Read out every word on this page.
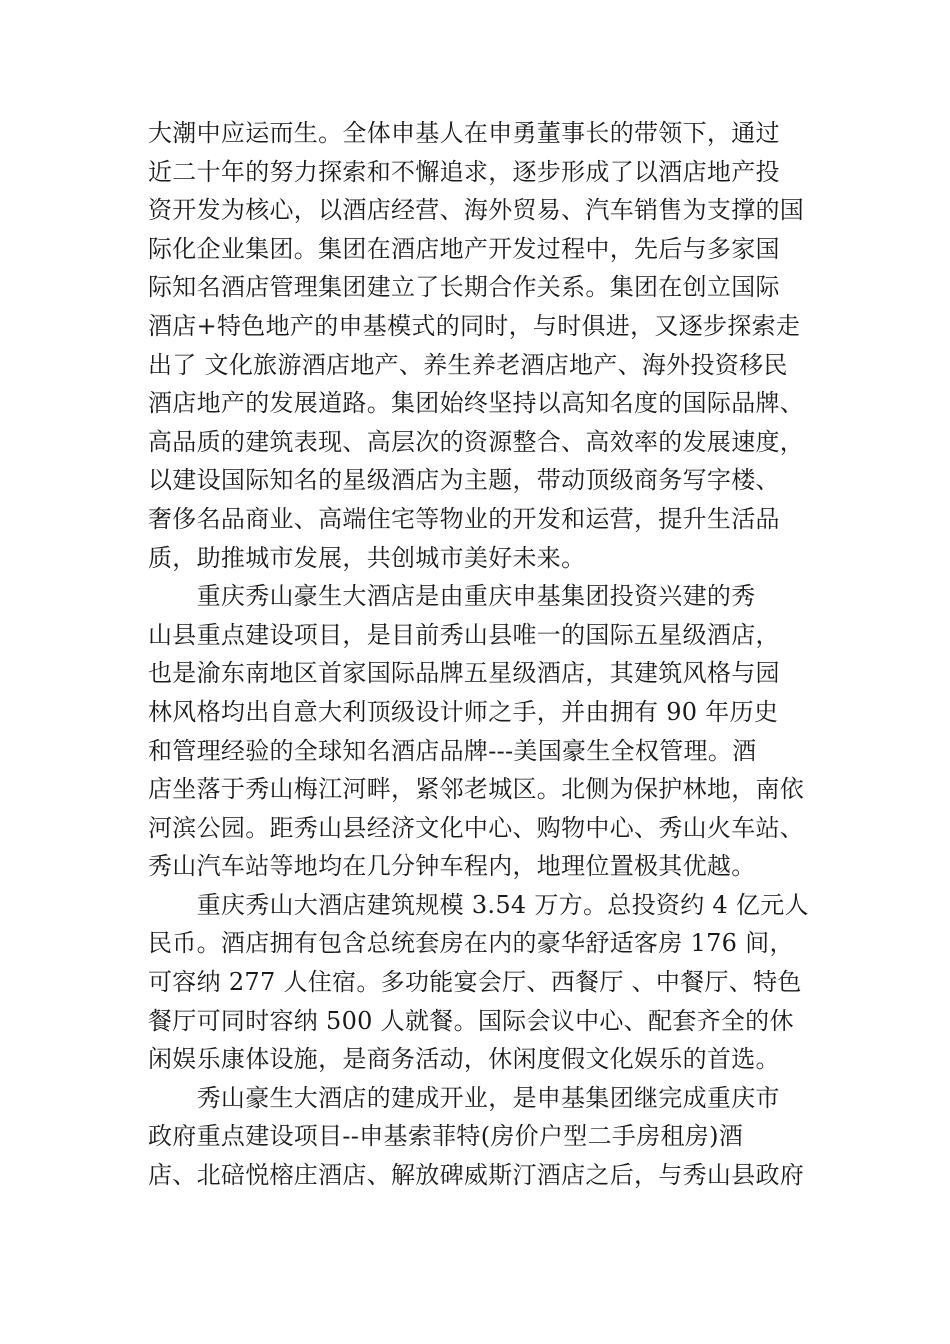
大潮中应运而生。全体申基人在申勇董事长的带领下，通过
近二十年的努力探索和不懈追求，逐步形成了以酒店地产投
资开发为核心，以酒店经营、海外贸易、汽车销售为支撑的国
际化企业集团。集团在酒店地产开发过程中，先后与多家国
际知名酒店管理集团建立了长期合作关系。集团在创立国际
酒店+特色地产的申基模式的同时，与时俱进，又逐步探索走
出了 文化旅游酒店地产、养生养老酒店地产、海外投资移民
酒店地产的发展道路。集团始终坚持以高知名度的国际品牌、
高品质的建筑表现、高层次的资源整合、高效率的发展速度，
以建设国际知名的星级酒店为主题，带动顶级商务写字楼、
奢侈名品商业、高端住宅等物业的开发和运营，提升生活品
质，助推城市发展，共创城市美好未来。
　　重庆秀山豪生大酒店是由重庆申基集团投资兴建的秀
山县重点建设项目，是目前秀山县唯一的国际五星级酒店，
也是渝东南地区首家国际品牌五星级酒店，其建筑风格与园
林风格均出自意大利顶级设计师之手，并由拥有 90 年历史
和管理经验的全球知名酒店品牌---美国豪生全权管理。酒
店坐落于秀山梅江河畔，紧邻老城区。北侧为保护林地，南依
河滨公园。距秀山县经济文化中心、购物中心、秀山火车站、
秀山汽车站等地均在几分钟车程内，地理位置极其优越。
　　重庆秀山大酒店建筑规模 3.54 万方。总投资约 4 亿元人
民币。酒店拥有包含总统套房在内的豪华舒适客房 176 间，
可容纳 277 人住宿。多功能宴会厅、西餐厅 、中餐厅、特色
餐厅可同时容纳 500 人就餐。国际会议中心、配套齐全的休
闲娱乐康体设施，是商务活动，休闲度假文化娱乐的首选。
　　秀山豪生大酒店的建成开业，是申基集团继完成重庆市
政府重点建设项目--申基索菲特(房价户型二手房租房)酒
店、北碚悦榕庄酒店、解放碑威斯汀酒店之后，与秀山县政府
